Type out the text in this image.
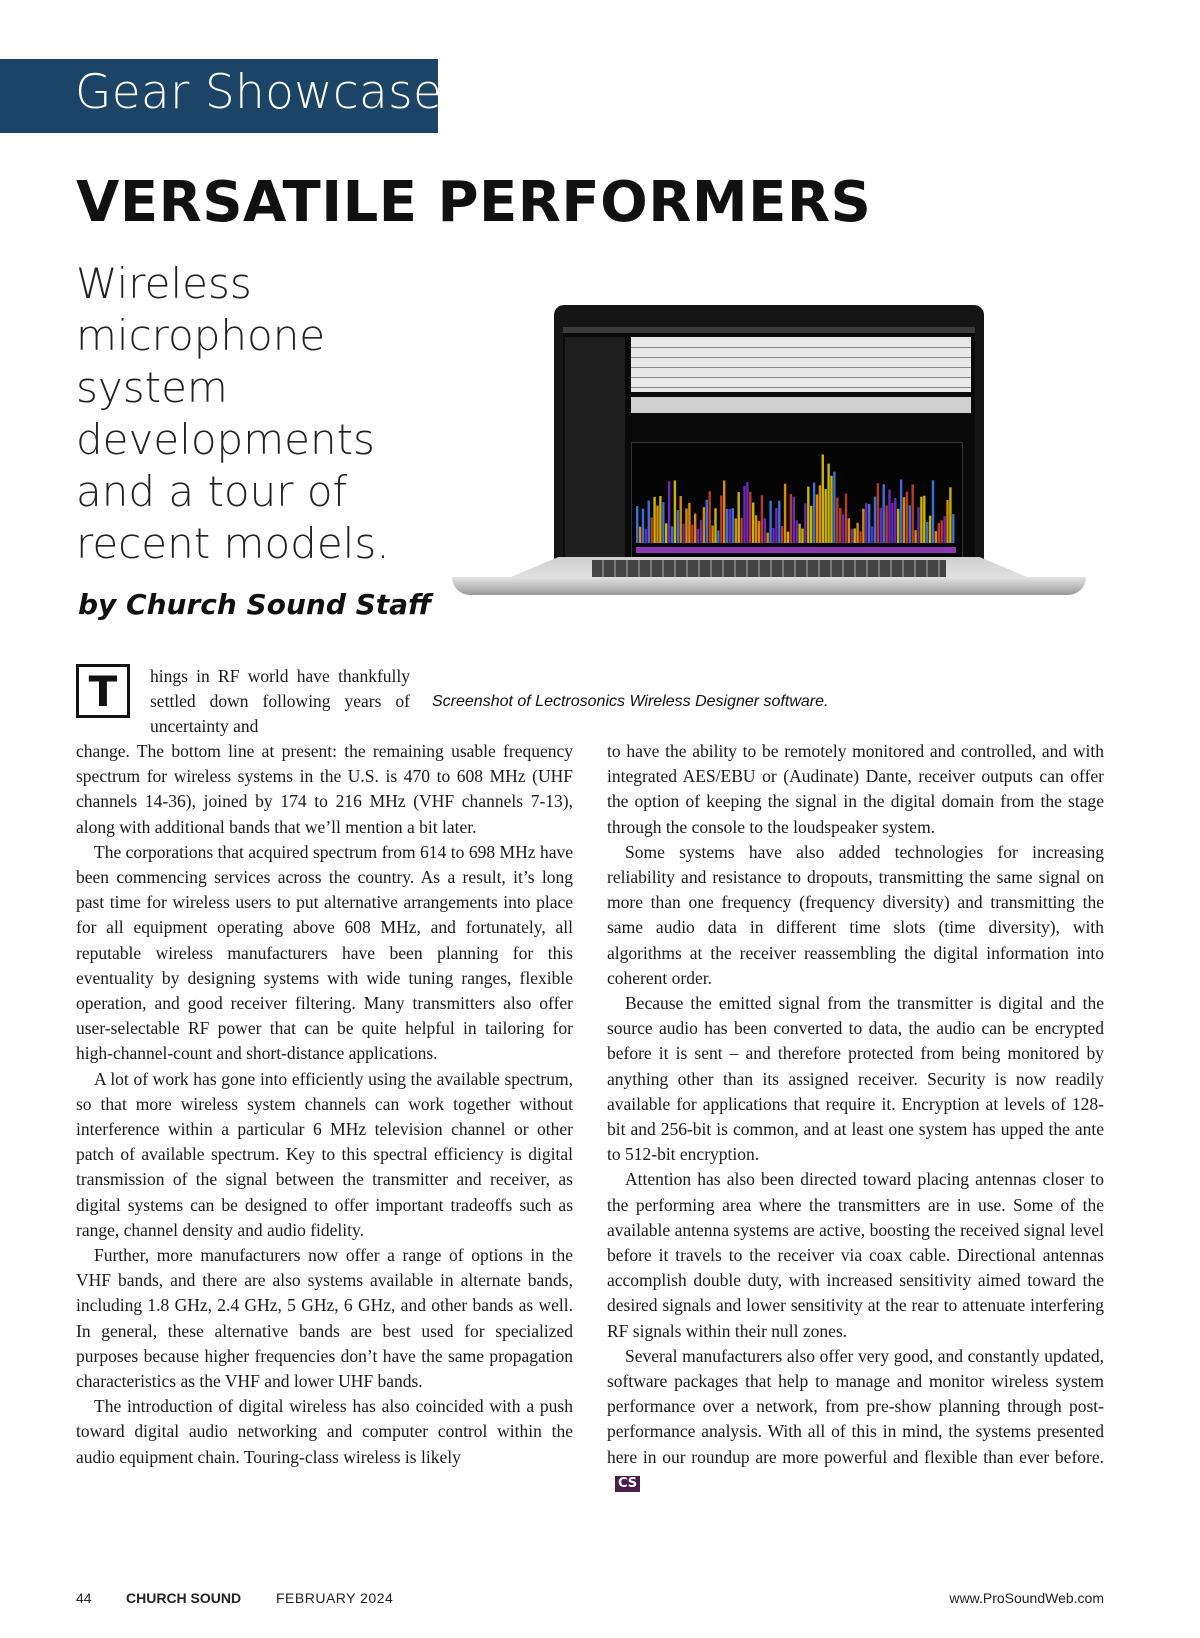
Gear Showcase
VERSATILE PERFORMERS
Wireless microphone system developments and a tour of recent models.
by Church Sound Staff
Screenshot of Lectrosonics Wireless Designer software.
T	hings in RF world have thankfully settled down following years of uncertainty and

change. The bottom line at present: the remaining usable frequency spectrum for wireless systems in the U.S. is 470 to 608 MHz (UHF channels 14-36), joined by 174 to 216 MHz (VHF channels 7-13), along with additional bands that we’ll mention a bit later.

The corporations that acquired spectrum from 614 to 698 MHz have been commencing services across the country. As a result, it’s long past time for wireless users to put alternative arrangements into place for all equipment operating above 608 MHz, and fortunately, all reputable wireless manufacturers have been planning for this eventuality by designing systems with wide tuning ranges, flexible operation, and good receiver filtering. Many transmitters also offer user-selectable RF power that can be quite helpful in tailoring for high-channel-count and short-distance applications.

A lot of work has gone into efficiently using the available spectrum, so that more wireless system channels can work together without interference within a particular 6 MHz television channel or other patch of available spectrum. Key to this spectral efficiency is digital transmission of the signal between the transmitter and receiver, as digital systems can be designed to offer important tradeoffs such as range, channel density and audio fidelity.

Further, more manufacturers now offer a range of options in the VHF bands, and there are also systems available in alternate bands, including 1.8 GHz, 2.4 GHz, 5 GHz, 6 GHz, and other bands as well. In general, these alternative bands are best used for specialized purposes because higher frequencies don’t have the same propagation characteristics as the VHF and lower UHF bands.

The introduction of digital wireless has also coincided with a push toward digital audio networking and computer control within the audio equipment chain. Touring-class wireless is likely

to have the ability to be remotely monitored and controlled, and with integrated AES/EBU or (Audinate) Dante, receiver outputs can offer the option of keeping the signal in the digital domain from the stage through the console to the loudspeaker system.

Some systems have also added technologies for increasing reliability and resistance to dropouts, transmitting the same signal on more than one frequency (frequency diversity) and transmitting the same audio data in different time slots (time diversity), with algorithms at the receiver reassembling the digital information into coherent order.

Because the emitted signal from the transmitter is digital and the source audio has been converted to data, the audio can be encrypted before it is sent – and therefore protected from being monitored by anything other than its assigned receiver. Security is now readily available for applications that require it. Encryption at levels of 128-bit and 256-bit is common, and at least one system has upped the ante to 512-bit encryption.

Attention has also been directed toward placing antennas closer to the performing area where the transmitters are in use. Some of the available antenna systems are active, boosting the received signal level before it travels to the receiver via coax cable. Directional antennas accomplish double duty, with increased sensitivity aimed toward the desired signals and lower sensitivity at the rear to attenuate interfering RF signals within their null zones.

Several manufacturers also offer very good, and constantly updated, software packages that help to manage and monitor wireless system performance over a network, from pre-show planning through post-performance analysis. With all of this in mind, the systems presented here in our roundup are more powerful and flexible than ever before.CS

44 CHURCH SOUND FEBRUARY 2024	www.ProSoundWeb.com
